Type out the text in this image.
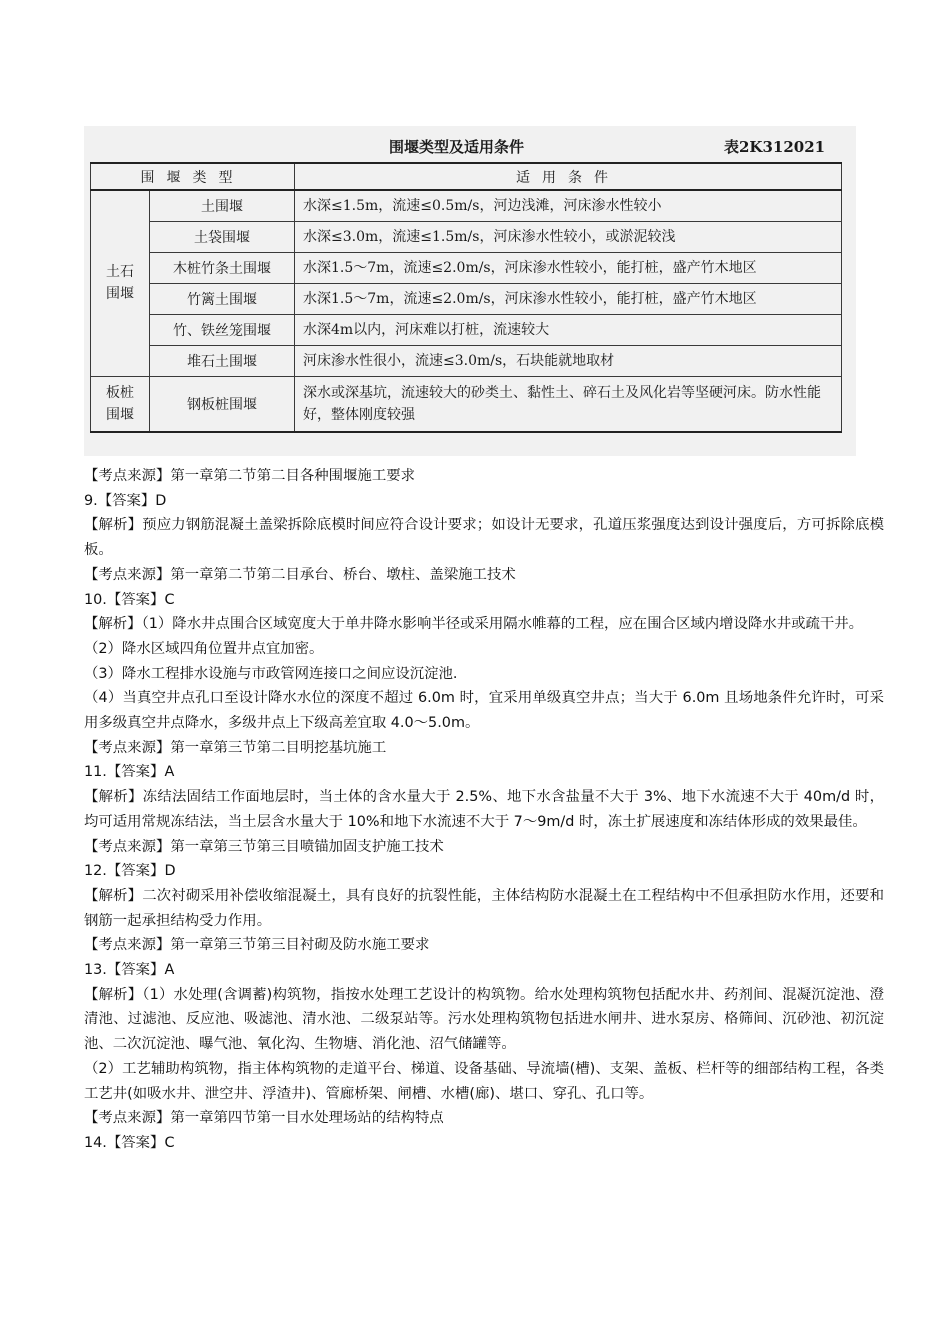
围堰类型及适用条件	表2K312021
围堰类型		适用条件
土石
围堰	土围堰	水深≤1.5m，流速≤0.5m/s，河边浅滩，河床渗水性较小
	土袋围堰	水深≤3.0m，流速≤1.5m/s，河床渗水性较小，或淤泥较浅
	木桩竹条土围堰	水深1.5～7m，流速≤2.0m/s，河床渗水性较小，能打桩，盛产竹木地区
	竹篱土围堰	水深1.5～7m，流速≤2.0m/s，河床渗水性较小，能打桩，盛产竹木地区
	竹、铁丝笼围堰	水深4m以内，河床难以打桩，流速较大
	堆石土围堰	河床渗水性很小，流速≤3.0m/s，石块能就地取材
板桩
围堰	钢板桩围堰	深水或深基坑，流速较大的砂类土、黏性土、碎石土及风化岩等坚硬河床。防水性能好，整体刚度较强

【考点来源】第一章第二节第二目各种围堰施工要求

9.【答案】D

【解析】预应力钢筋混凝土盖梁拆除底模时间应符合设计要求；如设计无要求，孔道压浆强度达到设计强度后，方可拆除底模板。

【考点来源】第一章第二节第二目承台、桥台、墩柱、盖梁施工技术

10.【答案】C

【解析】（1）降水井点围合区域宽度大于单井降水影响半径或采用隔水帷幕的工程，应在围合区域内增设降水井或疏干井。

（2）降水区域四角位置井点宜加密。

（3）降水工程排水设施与市政管网连接口之间应设沉淀池.

（4）当真空井点孔口至设计降水水位的深度不超过 6.0m 时，宜采用单级真空井点；当大于 6.0m 且场地条件允许时，可采用多级真空井点降水，多级井点上下级高差宜取 4.0～5.0m。

【考点来源】第一章第三节第二目明挖基坑施工

11.【答案】A

【解析】冻结法固结工作面地层时，当土体的含水量大于 2.5%、地下水含盐量不大于 3%、地下水流速不大于 40m/d 时，均可适用常规冻结法，当土层含水量大于 10%和地下水流速不大于 7～9m/d 时，冻土扩展速度和冻结体形成的效果最佳。

【考点来源】第一章第三节第三目喷锚加固支护施工技术

12.【答案】D

【解析】二次衬砌采用补偿收缩混凝土，具有良好的抗裂性能，主体结构防水混凝土在工程结构中不但承担防水作用，还要和钢筋一起承担结构受力作用。

【考点来源】第一章第三节第三目衬砌及防水施工要求

13.【答案】A

【解析】（1）水处理(含调蓄)构筑物，指按水处理工艺设计的构筑物。给水处理构筑物包括配水井、药剂间、混凝沉淀池、澄清池、过滤池、反应池、吸滤池、清水池、二级泵站等。污水处理构筑物包括进水闸井、进水泵房、格筛间、沉砂池、初沉淀池、二次沉淀池、曝气池、氧化沟、生物塘、消化池、沼气储罐等。

（2）工艺辅助构筑物，指主体构筑物的走道平台、梯道、设备基础、导流墙(槽)、支架、盖板、栏杆等的细部结构工程，各类工艺井(如吸水井、泄空井、浮渣井)、管廊桥架、闸槽、水槽(廊)、堪口、穿孔、孔口等。

【考点来源】第一章第四节第一目水处理场站的结构特点

14.【答案】C
